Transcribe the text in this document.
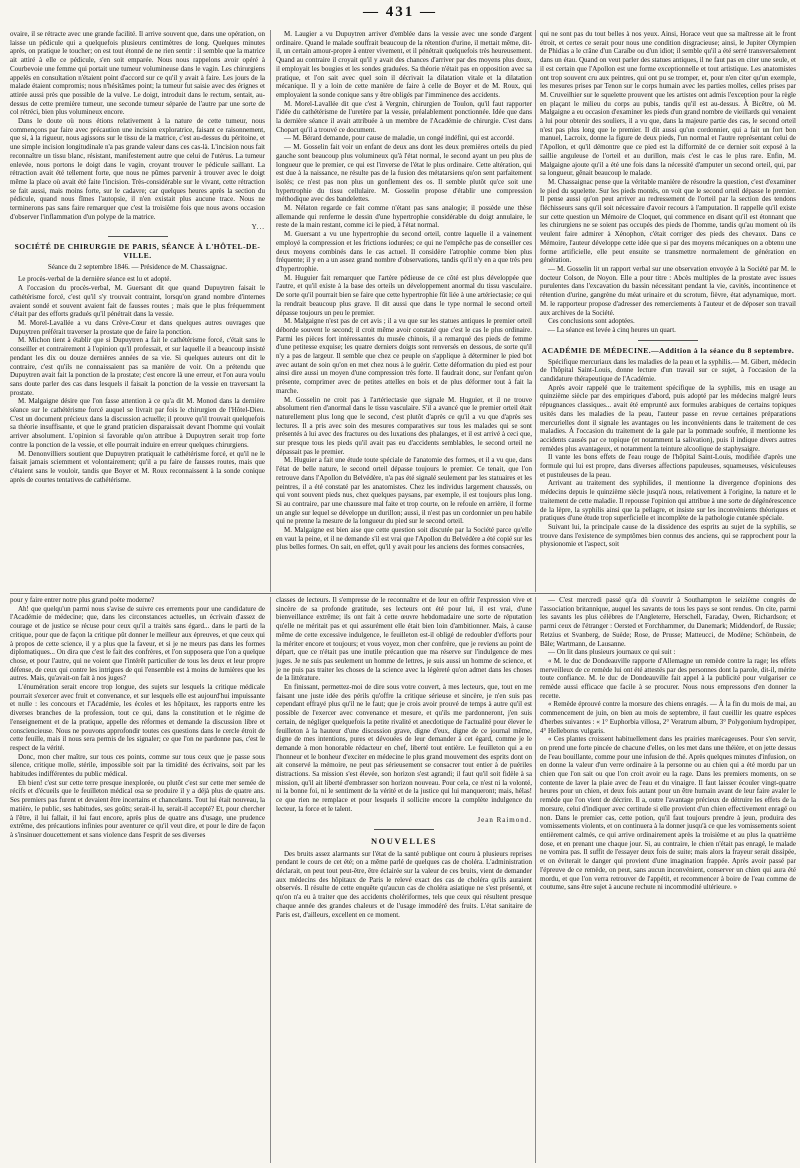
— 431 —

ovaire, il se rétracte avec une grande facilité. Il arrive souvent que, dans une opération, on laisse un pédicule qui a quelquefois plusieurs centimètres de long. Quelques minutes après, on pratique le toucher; on est tout étonné de ne rien sentir : il semble que la matrice ait attiré à elle ce pédicule, s'en soit emparée. Nous nous rappelons avoir opéré à Courbevoie une femme qui portait une tumeur volumineuse dans le vagin. Les chirurgiens appelés en consultation n'étaient point d'accord sur ce qu'il y avait à faire. Les jours de la malade étaient compromis; nous n'hésitâmes point; la tumeur fut saisie avec des érignes et attirée aussi près que possible de la vulve. Le doigt, introduit dans le rectum, sentait, au-dessus de cette première tumeur, une seconde tumeur séparée de l'autre par une sorte de col rétréci, bien plus volumineux encore.

Dans le doute où nous étions relativement à la nature de cette tumeur, nous commençons par faire avec précaution une incision exploratrice, faisant ce raisonnement, que si, à la rigueur, nous agissons sur le tissu de la matrice, c'est au-dessus du péritoine, et une simple incision longitudinale n'a pas grande valeur dans ces cas-là. L'incision nous fait reconnaître un tissu blanc, résistant, manifestement autre que celui de l'utérus. La tumeur enlevée, nous portons le doigt dans le vagin, croyant trouver le pédicule saillant. La rétraction avait été tellement forte, que nous ne pûmes parvenir à trouver avec le doigt même la place où avait été faite l'incision. Très-considérable sur le vivant, cette rétraction se fait aussi, mais moins forte, sur le cadavre; car quelques heures après la section du pédicule, quand nous fîmes l'autopsie, il n'en existait plus aucune trace. Nous ne terminerons pas sans faire remarquer que c'est la troisième fois que nous avons occasion d'observer l'inflammation d'un polype de la matrice.

Y...
SOCIÉTÉ DE CHIRURGIE DE PARIS, SÉANCE À L'HÔTEL-DE-VILLE.
Séance du 2 septembre 1846. — Présidence de M. Chassaignac.

Le procès-verbal de la dernière séance est lu et adopté.

A l'occasion du procès-verbal, M. Guersant dit que quand Dupuytren faisait le cathétérisme forcé, c'est qu'il s'y trouvait contraint, lorsqu'on grand nombre d'internes avaient sondé et souvent avaient fait de fausses routes ; mais que le plus fréquemment c'était par des efforts gradués qu'il pénétrait dans la vessie.

M. Morel-Lavallée a vu dans Crève-Cœur et dans quelques autres ouvrages que Dupuytren préférait traverser la prostate que de faire la ponction.

M. Michon tient à établir que si Dupuytren a fait le cathétérisme forcé, c'était sans le conseiller et contrairement à l'opinion qu'il professait, et sur laquelle il a beaucoup insisté pendant les dix ou douze dernières années de sa vie. Si quelques auteurs ont dit le contraire, c'est qu'ils ne connaissaient pas sa manière de voir. On a prétendu que Dupuytren avait fait la ponction de la prostate; c'est encore là une erreur, et l'on aura voulu sans doute parler des cas dans lesquels il faisait la ponction de la vessie en traversant la prostate.

M. Malgaigne désire que l'on fasse attention à ce qu'a dit M. Monod dans la dernière séance sur le cathétérisme forcé auquel se livrait par fois le chirurgien de l'Hôtel-Dieu. C'est un document précieux dans la discussion actuelle; il prouve qu'il trouvait quelquefois sa théorie insuffisante, et que le grand praticien disparaissait devant l'homme qui voulait arriver absolument. L'opinion si favorable qu'on attribue à Dupuytren serait trop forte contre la ponction de la vessie, et elle pourrait induire en erreur quelques chirurgiens.

M. Denonvilliers soutient que Dupuytren pratiquait le cathétérisme forcé, et qu'il ne le faisait jamais sciemment et volontairement; qu'il a pu faire de fausses routes, mais que c'étaient sans le vouloir, tandis que Boyer et M. Roux reconnaissent à la sonde conique après de courtes tentatives de cathétérisme.

M. Laugier a vu Dupuytren arriver d'emblée dans la vessie avec une sonde d'argent ordinaire. Quand le malade souffrait beaucoup de la rétention d'urine, il mettait même, dit-il, un certain amour-propre à entrer vivement, et il pénétrait quelquefois très heureusement. Quand au contraire il croyait qu'il y avait des chances d'arriver par des moyens plus doux, il employait les bougies et les sondes graduées. Sa théorie n'était pas en opposition avec sa pratique, et l'on sait avec quel soin il décrivait la dilatation vitale et la dilatation mécanique. Il y a loin de cette manière de faire à celle de Boyer et de M. Roux, qui employaient la sonde conique sans y être obligés par l'imminence des accidents.

M. Morel-Lavallée dit que c'est à Vergnin, chirurgien de Toulon, qu'il faut rapporter l'idée du cathétérisme de l'uretère par la vessie, préalablement ponctionnée. Idée que dans la dernière séance il avait attribuée à un membre de l'Académie de chirurgie. C'est dans Chopart qu'il a trouvé ce document.

— M. Bérard demande, pour cause de maladie, un congé indéfini, qui est accordé.

— M. Gosselin fait voir un enfant de deux ans dont les deux premières orteils du pied gauche sont beaucoup plus volumineux qu'à l'état normal, le second ayant un peu plus de longueur que le premier, ce qui est l'inverse de l'état le plus ordinaire. Cette altération, qui est due à la naissance, ne résulte pas de la fusion des métatarsiens qu'on sent parfaitement isolés; ce n'est pas non plus un gonflement des os. Il semble plutôt qu'ce soit une hypertrophie du tissu cellulaire. M. Gosselin propose d'établir une compression méthodique avec des bandelettes.

M. Nélaton regarde ce fait comme n'étant pas sans analogie; il possède une thèse allemande qui renferme le dessin d'une hypertrophie considérable du doigt annulaire, le reste de la main restant, comme ici le pied, à l'état normal.

M. Guersant a vu une hypertrophie du second orteil, contre laquelle il a vainement employé la compression et les frictions iodurées; ce qui ne l'empêche pas de conseiller ces deux moyens combinés dans le cas actuel. Il considère l'atrophie comme bien plus fréquente; il y en a un assez grand nombre d'observations, tandis qu'il n'y en a que très peu d'hypertrophie.

M. Huguier fait remarquer que l'artère pédieuse de ce côté est plus développée que l'autre, et qu'il existe à la base des orteils un développement anormal du tissu vasculaire. De sorte qu'il pourrait bien se faire que cette hypertrophie fût liée à une artériectasie; ce qui la rendrait beaucoup plus grave. Il dit aussi que dans le type normal le second orteil dépasse toujours un peu le premier.

M. Malgaigne n'est pas de cet avis ; il a vu que sur les statues antiques le premier orteil déborde souvent le second; il croit même avoir constaté que c'est le cas le plus ordinaire. Parmi les pièces fort intéressantes du musée chinois, il a remarqué des pieds de femme d'une petitesse exquise; les quatre derniers doigts sont renversés en dessous, de sorte qu'il n'y a pas de largeur. Il semble que chez ce peuple on s'applique à déterminer le pied bot avec autant de soin qu'on en met chez nous à le guérir. Cette déformation du pied est pour ainsi dire aussi un moyen d'une compression très forte. Il faudrait donc, sur l'enfant qu'on présente, comprimer avec de petites attelles en bois et de plus déformer tout à fait la marche.

M. Gosselin ne croit pas à l'artériectasie que signale M. Huguier, et il ne trouve absolument rien d'anormal dans le tissu vasculaire. S'il a avancé que le premier orteil était naturellement plus long que le second, c'est plutôt d'après ce qu'il a vu que d'après ses lectures. Il a pris avec soin des mesures comparatives sur tous les malades qui se sont présentés à lui avec des fractures ou des luxations des phalanges, et il est arrivé à ceci que, sur presque tous les pieds qu'il avait pas eu d'accidents semblables, le second orteil ne dépassait pas le premier.

M. Huguier a fait une étude toute spéciale de l'anatomie des formes, et il a vu que, dans l'état de belle nature, le second orteil dépasse toujours le premier. Ce tenait, que l'on retrouve dans l'Apollon du Belvédère, n'a pas été signalé seulement par les statuaires et les peintres, il a été constaté par les anatomistes. Chez les individus largement chaussés, ou qui vont souvent pieds nus, chez quelques paysans, par exemple, il est toujours plus long. Si au contraire, par une chaussure mal faite et trop courte, on le refoule en arrière, il forme un angle sur lequel se développe un durillon; aussi, il n'est pas un cordonnier un peu habile qui ne prenne la mesure de la longueur du pied sur le second orteil.

M. Malgaigne est bien aise que cette question soit discutée par la Société parce qu'elle en vaut la peine, et il ne demande s'il est vrai que l'Apollon du Belvédère a été copié sur les plus belles formes. On sait, en effet, qu'il y avait pour les anciens des formes consacrées,

qui ne sont pas du tout belles à nos yeux. Ainsi, Horace veut que sa maîtresse ait le front étroit, et certes ce serait pour nous une condition disgracieuse; ainsi, le Jupiter Olympien de Phidias a le crâne d'un Caraïbe ou d'un idiot; il semble qu'il a été serré transversalement dans un étau. Quand on veut parler des statues antiques, il ne faut pas en citer une seule, et il est certain que l'Apollon est une forme exceptionnelle et tout artistique. Les anatomistes ont trop souvent cru aux peintres, qui ont pu se tromper, et, pour n'en citer qu'un exemple, les mesures prises par Tenon sur le corps humain avec les parties molles, celles prises par M. Cruveilhier sur le squelette prouvent que les artistes ont admis l'exception pour la règle en plaçant le milieu du corps au pubis, tandis qu'il est au-dessus. À Bicêtre, où M. Malgaigne a eu occasion d'examiner les pieds d'un grand nombre de vieillards qui venaient à lui pour obtenir des souliers, il a vu que, dans la majeure partie des cas, le second orteil n'est pas plus long que le premier. Il dit aussi qu'un cordonnier, qui a fait un fort bon manuel, Lacroix, donne la figure de deux pieds, l'un normal et l'autre représentant celui de l'Apollon, et qu'il démontre que ce pied est la difformité de ce dernier soit exposé à la saillie anguleuse de l'orteil et au durillon, mais c'est le cas le plus rare. Enfin, M. Malgaigne ajoute qu'il a été une fois dans la nécessité d'amputer un second orteil, qui, par sa longueur, gênait beaucoup le malade.

M. Chassaignac pense que la véritable manière de résoudre la question, c'est d'examiner le pied du squelette. Sur les pieds montés, on voit que le second orteil dépasse le premier. Il pense aussi qu'on peut arriver au redressement de l'orteil par la section des tendons fléchisseurs sans qu'il soit nécessaire d'avoir recours à l'amputation. Il rappelle qu'il existe sur cette question un Mémoire de Cloquet, qui commence en disant qu'il est étonnant que les chirurgiens ne se soient pas occupés des pieds de l'homme, tandis qu'au moment où ils veulent faire admirer à Xénophon, c'était corriger des pieds des chevaux. Dans ce Mémoire, l'auteur développe cette idée que si par des moyens mécaniques on a obtenu une forme artificielle, elle peut ensuite se transmettre normalement de génération en génération.

— M. Gosselin lit un rapport verbal sur une observation envoyée à la Société par M. le docteur Colson, de Noyon. Elle a pour titre : Abcès multiples de la prostate avec issues purulentes dans l'excavation du bassin nécessitant pendant la vie, cavités, incontinence et rétention d'urine, gangrène du méat urinaire et du scrotum, fièvre, état adynamique, mort. M. le rapporteur propose d'adresser des remerciements à l'auteur et de déposer son travail aux archives de la Société.

Ces conclusions sont adoptées.

— La séance est levée à cinq heures un quart.

ACADÉMIE DE MÉDECINE.—Addition à la séance du 8 septembre.

Spécifique mercuriaux dans les maladies de la peau et la syphilis.— M. Gibert, médecin de l'hôpital Saint-Louis, donne lecture d'un travail sur ce sujet, à l'occasion de la candidature thérapeutique de l'Académie.

Après avoir rappelé que le traitement spécifique de la syphilis, mis en usage au quinzième siècle par des empiriques d'abord, puis adopté par les médecins malgré leurs répugnances classiques... avait été emprunté aux formules arabiques de certains topiques usités dans les maladies de la peau, l'auteur passe en revue certaines préparations mercurielles dont il signale les avantages ou les inconvénients dans le traitement de ces maladies. À l'occasion du traitement de la gale par la pommade soufrée, il mentionne les accidents causés par ce topique (et notamment la salivation), puis il indique divers autres remèdes plus avantageux, et notamment la teinture alcoolique de staphysaigre.

Il vante les bons effets de l'eau rouge de l'hôpital Saint-Louis, modifiée d'après une formule qui lui est propre, dans diverses affections papuleuses, squameuses, vésiculeuses et pustuleuses de la peau.

Arrivant au traitement des syphilides, il mentionne la divergence d'opinions des médecins depuis le quinzième siècle jusqu'à nous, relativement à l'origine, la nature et le traitement de cette maladie. Il repousse l'opinion qui attribue à une sorte de dégénérescence de la lèpre, la syphilis ainsi que la pellagre, et insiste sur les inconvénients théoriques et pratiques d'une étude trop superficielle et incomplète de la pathologie cutanée spéciale.

Suivant lui, la principale cause de la dissidence des esprits au sujet de la syphilis, se trouve dans l'existence de symptômes bien connus des anciens, qui se rapprochent pour la physionomie et l'aspect, soit

pour y faire entrer notre plus grand poète moderne?

Ah! que quelqu'un parmi nous s'avise de suivre ces errements pour une candidature de l'Académie de médecine; que, dans les circonstances actuelles, un écrivain d'assez de courage et de justice se récuse pour ceux qu'il a traités sans égard... dans le parti de la critique, pour que de façon la critique pût donner le meilleur aux épreuves, et que ceux qui à propos de cette science, il y a plus que la faveur, et si je ne meurs pas dans les formes diplomatiques... On dira que c'est le fait des confrères, et l'on supposera que l'on a quelque chose, et pour l'autre, qui ne voient que l'intérêt particulier de tous les deux et leur propre défense, de ceux qui contre les intrigues de qui l'ensemble est à moins de lumières que les autres. Mais, qu'avait-on fait à nos juges?

L'énumération serait encore trop longue, des sujets sur lesquels la critique médicale pourrait s'exercer avec fruit et convenance, et sur lesquels elle est aujourd'hui impuissante et nulle : les concours et l'Académie, les écoles et les hôpitaux, les rapports entre les diverses branches de la profession, tout ce qui, dans la constitution et le régime de l'enseignement et de la pratique, appelle des réformes et demande la discussion libre et consciencieuse. Nous ne pouvons approfondir toutes ces questions dans le cercle étroit de cette feuille, mais il nous sera permis de les signaler; ce que l'on ne pardonne pas, c'est le respect de la vérité.

Donc, mon cher maître, sur tous ces points, comme sur tous ceux que je passe sous silence, critique molle, stérile, impossible soit par la timidité des écrivains, soit par les habitudes indifférentes du public médical.

Eh bien! c'est sur cette terre presque inexplorée, ou plutôt c'est sur cette mer semée de récifs et d'écueils que le feuilleton médical osa se produire il y a déjà plus de quatre ans. Ses premiers pas furent et devaient être incertains et chancelants. Tout lui était nouveau, la matière, le public, ses habitudes, ses goûts; serait-il lu, serait-il accepté? Et, pour chercher à l'être, il lui fallait, il lui faut encore, après plus de quatre ans d'usage, une prudence extrême, des précautions infinies pour aventurer ce qu'il veut dire, et pour le dire de façon à s'insinuer doucettement et sans violence dans l'esprit de ses diverses

classes de lecteurs. Il s'empresse de le reconnaître et de leur en offrir l'expression vive et sincère de sa profonde gratitude, ses lecteurs ont été pour lui, il est vrai, d'une bienveillance extrême; ils ont fait à cette œuvre hebdomadaire une sorte de réputation qu'elle ne méritait pas et qui assurément elle était bien loin d'ambitionner. Mais, à cause même de cette excessive indulgence, le feuilleton est-il obligé de redoubler d'efforts pour la mériter encore et toujours; et vous voyez, mon cher confrère, que je reviens au point de départ, que ce n'était pas une inutile précaution que ma réserve sur l'indulgence de mes juges. Je ne suis pas seulement un homme de lettres, je suis aussi un homme de science, et je ne puis pas traiter les choses de la science avec la légèreté qu'on admet dans les choses de la littérature.

En finissant, permettez-moi de dire sous votre couvert, à mes lecteurs, que, tout en me faisant une juste idée des périls qu'offre la critique sérieuse et sincère, je n'en suis pas cependant effrayé plus qu'il ne le faut; que je crois avoir prouvé de temps à autre qu'il est possible de l'exercer avec convenance et mesure, et qu'ils me pardonneront, j'en suis certain, de négliger quelquefois la petite rivalité et anecdotique de l'actualité pour élever le feuilleton à la hauteur d'une discussion grave, digne d'eux, digne de ce journal même, digne de mes intentions, pures et dévouées de leur demander à cet égard, comme je le demande à mon honorable rédacteur en chef, liberté tout entière. Le feuilleton qui a eu l'honneur et le bonheur d'exciter en médecine le plus grand mouvement des esprits dont on ait conservé la mémoire, ne peut pas sérieusement se consacrer tout entier à de puériles distractions. Sa mission s'est élevée, son horizon s'est agrandi; il faut qu'il soit fidèle à sa mission, qu'il ait liberté d'embrasser son horizon nouveau. Pour cela, ce n'est ni la volonté, ni la bonne foi, ni le sentiment de la vérité et de la justice qui lui manqueront; mais, hélas! ce que rien ne remplace et pour lesquels il sollicite encore la complète indulgence du lecteur, la force et le talent.

Jean Raimond.
NOUVELLES

Des bruits assez alarmants sur l'état de la santé publique ont couru à plusieurs reprises pendant le cours de cet été; on a même parlé de quelques cas de choléra. L'administration déclarait, on peut tout peut-être, être éclairée sur la valeur de ces bruits, vient de demander aux médecins des hôpitaux de Paris le relevé exact des cas de choléra qu'ils auraient observés. Il résulte de cette enquête qu'aucun cas de choléra asiatique ne s'est présenté, et qu'on n'a eu à traiter que des accidents cholériformes, tels que ceux qui résultent presque chaque année des grandes chaleurs et de l'usage immodéré des fruits. L'état sanitaire de Paris est, d'ailleurs, excellent en ce moment.

— C'est mercredi passé qu'a dû s'ouvrir à Southampton le seizième congrès de l'association britannique, auquel les savants de tous les pays se sont rendus. On cite, parmi les savants les plus célèbres de l'Angleterre, Herschell, Faraday, Owen, Richardson; et parmi ceux de l'étranger : Oersted et Forchhammer, du Danemark; Middendorf, de Russie; Retzius et Svanberg, de Suède; Rose, de Prusse; Matteucci, de Modène; Schönbein, de Bâle; Wartmann, de Lausanne.

— On lit dans plusieurs journaux ce qui suit :

« M. le duc de Dondeauville rapporte d'Allemagne un remède contre la rage; les effets merveilleux de ce remède lui ont été attestés par des personnes dont la parole, dit-il, mérite toute confiance. M. le duc de Dondeauville fait appel à la publicité pour vulgariser ce remède aussi efficace que facile à se procurer. Nous nous empressons d'en donner la recette.

« Remède éprouvé contre la morsure des chiens enragés. — À la fin du mois de mai, au commencement de juin, on bien au mois de septembre, il faut cueillir les quatre espèces d'herbes suivantes : « 1° Euphorbia villosa, 2° Veratrum album, 3° Polygonium hydropiper, 4° Helleborus vulgaris.

« Ces plantes croissent habituellement dans les prairies marécageuses. Pour s'en servir, on prend une forte pincée de chacune d'elles, on les met dans une théière, et on jette dessus de l'eau bouillante, comme pour une infusion de thé. Après quelques minutes d'infusion, on en donne la valeur d'un verre ordinaire à la personne ou au chien qui a été mordu par un chien que l'on sait ou que l'on croit avoir eu la rage. Dans les premiers moments, on se contente de laver la plaie avec de l'eau et du vinaigre. Il faut laisser écouler vingt-quatre heures pour un chien, et deux fois autant pour un être humain avant de leur faire avaler le remède que l'on vient de décrire. Il a, outre l'avantage précieux de détruire les effets de la morsure, celui d'indiquer avec certitude si elle provient d'un chien effectivement enragé ou non. Dans le premier cas, cette potion, qu'il faut toujours prendre à jeun, produira des vomissements violents, et on continuera à la donner jusqu'à ce que les vomissements soient entièrement calmés, ce qui arrive ordinairement après la troisième et au plus la quatrième dose, et en prenant une chaque jour. Si, au contraire, le chien n'était pas enragé, le malade ne vomira pas. Il suffit de l'essayer deux fois de suite; mais alors la frayeur serait dissipée, et on éviterait le danger qui provient d'une imagination frappée. Après avoir passé par l'épreuve de ce remède, on peut, sans aucun inconvénient, conserver un chien qui aura été mordu, et que l'on verra retrouver de l'appétit, et recommencer à boire de l'eau comme de coutume, sans être sujet à aucune rechute ni incommodité ultérieure. »
